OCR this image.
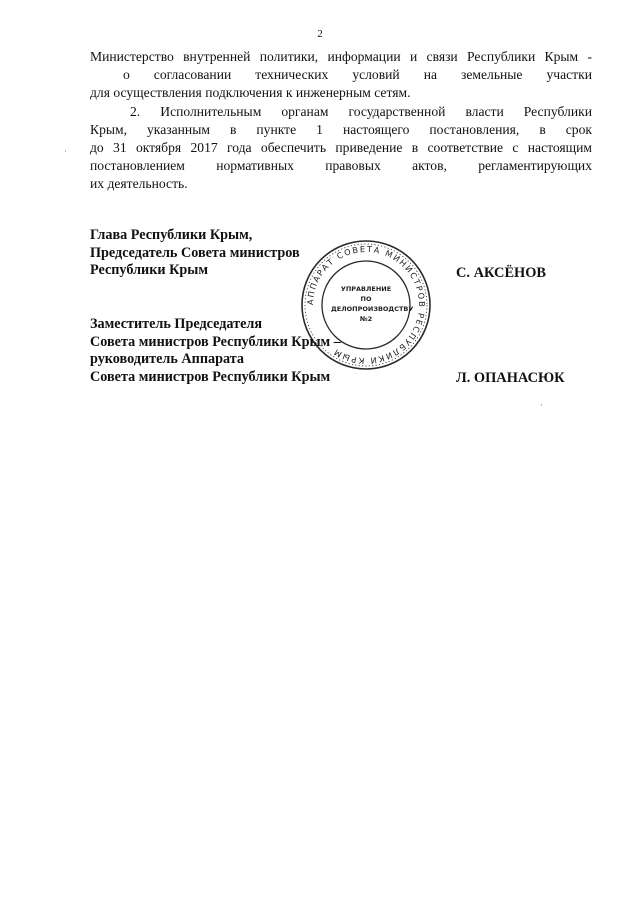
2
Министерство внутренней политики, информации и связи Республики Крым -
о согласовании технических условий на земельные участки
для осуществления подключения к инженерным сетям.
2. Исполнительным органам государственной власти Республики
Крым, указанным в пункте 1 настоящего постановления, в срок
до 31 октября 2017 года обеспечить приведение в соответствие с настоящим
постановлением нормативных правовых актов, регламентирующих
их деятельность.
·
Глава Республики Крым,
Председатель Совета министров
Республики Крым	С. АКСЁНОВ
АППАРАТ СОВЕТА МИНИСТРОВ РЕСПУБЛИКИ КРЫМ
УПРАВЛЕНИЕ
ПО
ДЕЛОПРОИЗВОДСТВУ
№2
Заместитель Председателя
Совета министров Республики Крым –
руководитель Аппарата
Совета министров Республики Крым	Л. ОПАНАСЮК
·
